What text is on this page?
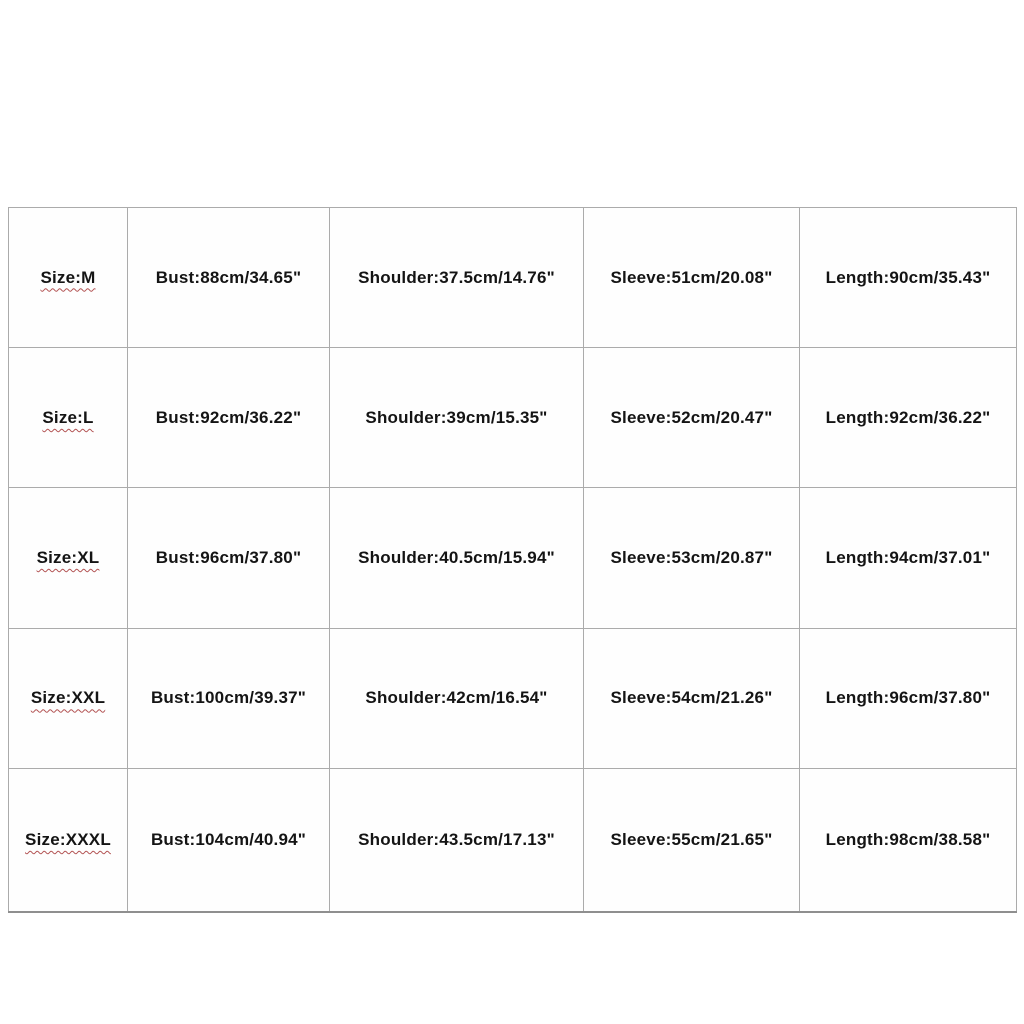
Size:M	Bust:88cm/34.65"	Shoulder:37.5cm/14.76"	Sleeve:51cm/20.08"	Length:90cm/35.43"
Size:L	Bust:92cm/36.22"	Shoulder:39cm/15.35"	Sleeve:52cm/20.47"	Length:92cm/36.22"
Size:XL	Bust:96cm/37.80"	Shoulder:40.5cm/15.94"	Sleeve:53cm/20.87"	Length:94cm/37.01"
Size:XXL	Bust:100cm/39.37"	Shoulder:42cm/16.54"	Sleeve:54cm/21.26"	Length:96cm/37.80"
Size:XXXL	Bust:104cm/40.94"	Shoulder:43.5cm/17.13"	Sleeve:55cm/21.65"	Length:98cm/38.58"
